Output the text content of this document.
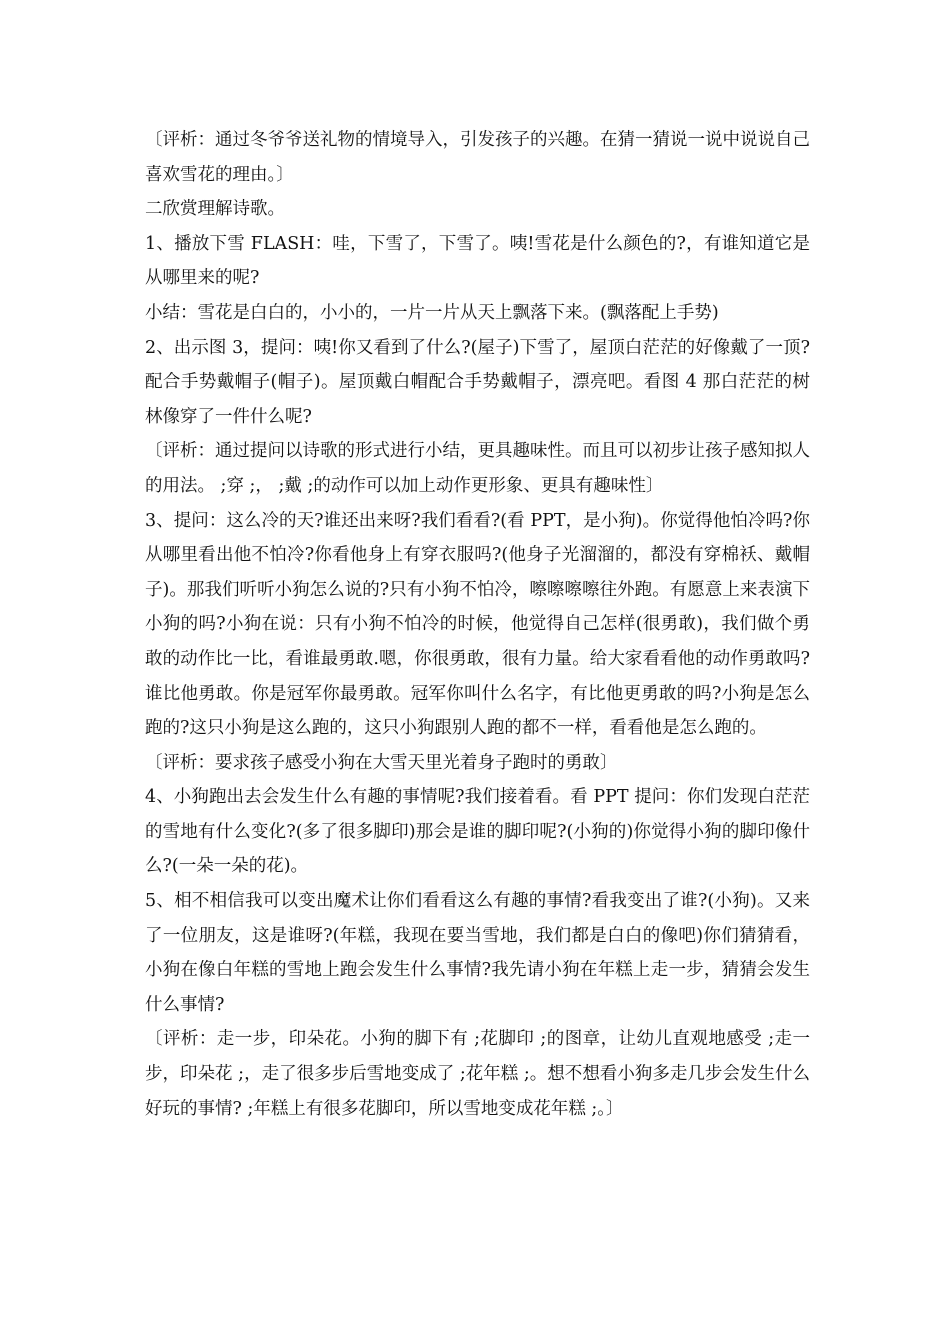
〔评析：通过冬爷爷送礼物的情境导入，引发孩子的兴趣。在猜一猜说一说中说说自己喜欢雪花的理由。〕

二欣赏理解诗歌。

1、播放下雪 FLASH：哇，下雪了，下雪了。咦!雪花是什么颜色的?，有谁知道它是从哪里来的呢?

小结：雪花是白白的，小小的，一片一片从天上飘落下来。(飘落配上手势)

2、出示图 3，提问：咦!你又看到了什么?(屋子)下雪了，屋顶白茫茫的好像戴了一顶?配合手势戴帽子(帽子)。屋顶戴白帽配合手势戴帽子，漂亮吧。看图 4 那白茫茫的树林像穿了一件什么呢?

〔评析：通过提问以诗歌的形式进行小结，更具趣味性。而且可以初步让孩子感知拟人的用法。 ;穿 ;， ;戴 ;的动作可以加上动作更形象、更具有趣味性〕

3、提问：这么冷的天?谁还出来呀?我们看看?(看 PPT，是小狗)。你觉得他怕冷吗?你从哪里看出他不怕冷?你看他身上有穿衣服吗?(他身子光溜溜的，都没有穿棉袄、戴帽子)。那我们听听小狗怎么说的?只有小狗不怕冷，嚓嚓嚓嚓往外跑。有愿意上来表演下小狗的吗?小狗在说：只有小狗不怕冷的时候，他觉得自己怎样(很勇敢)，我们做个勇敢的动作比一比，看谁最勇敢.嗯，你很勇敢，很有力量。给大家看看他的动作勇敢吗?谁比他勇敢。你是冠军你最勇敢。冠军你叫什么名字，有比他更勇敢的吗?小狗是怎么跑的?这只小狗是这么跑的，这只小狗跟别人跑的都不一样，看看他是怎么跑的。

〔评析：要求孩子感受小狗在大雪天里光着身子跑时的勇敢〕

4、小狗跑出去会发生什么有趣的事情呢?我们接着看。看 PPT 提问：你们发现白茫茫的雪地有什么变化?(多了很多脚印)那会是谁的脚印呢?(小狗的)你觉得小狗的脚印像什么?(一朵一朵的花)。

5、相不相信我可以变出魔术让你们看看这么有趣的事情?看我变出了谁?(小狗)。又来了一位朋友，这是谁呀?(年糕，我现在要当雪地，我们都是白白的像吧)你们猜猜看，小狗在像白年糕的雪地上跑会发生什么事情?我先请小狗在年糕上走一步，猜猜会发生什么事情?

〔评析：走一步，印朵花。小狗的脚下有 ;花脚印 ;的图章，让幼儿直观地感受 ;走一步，印朵花 ;，走了很多步后雪地变成了 ;花年糕 ;。想不想看小狗多走几步会发生什么好玩的事情? ;年糕上有很多花脚印，所以雪地变成花年糕 ;。〕
